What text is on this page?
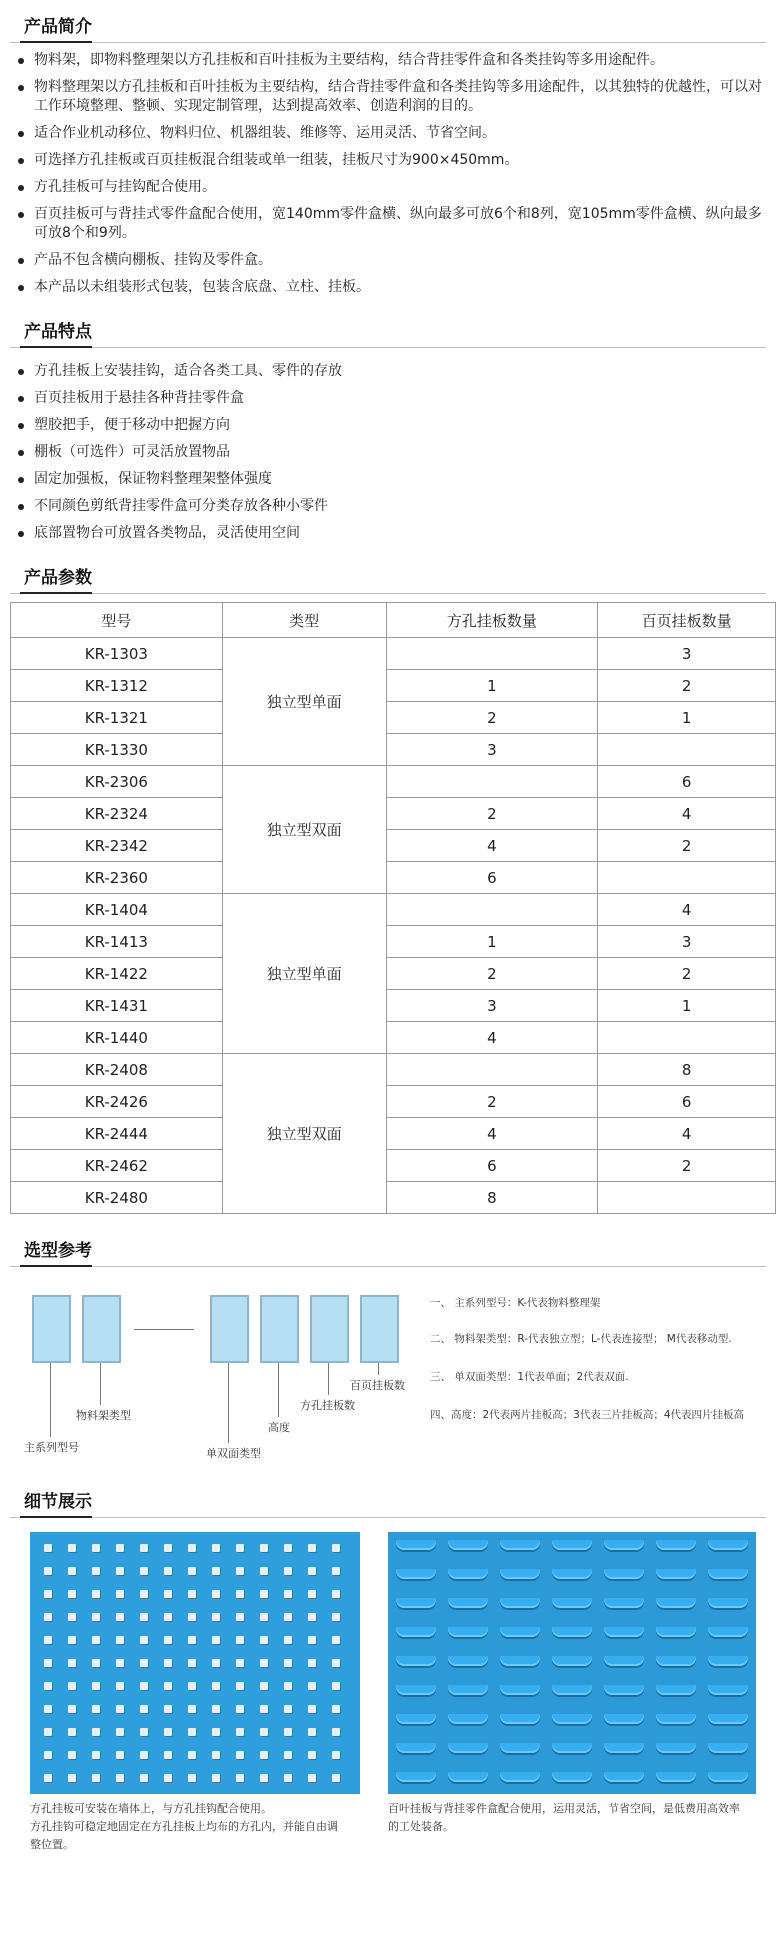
产品简介
物料架，即物料整理架以方孔挂板和百叶挂板为主要结构，结合背挂零件盒和各类挂钩等多用途配件。
物料整理架以方孔挂板和百叶挂板为主要结构，结合背挂零件盒和各类挂钩等多用途配件，以其独特的优越性，可以对工作环境整理、整顿、实现定制管理，达到提高效率、创造利润的目的。
适合作业机动移位、物料归位、机器组装、维修等、运用灵活、节省空间。
可选择方孔挂板或百页挂板混合组装或单一组装，挂板尺寸为900×450mm。
方孔挂板可与挂钩配合使用。
百页挂板可与背挂式零件盒配合使用，宽140mm零件盒横、纵向最多可放6个和8列，宽105mm零件盒横、纵向最多可放8个和9列。
产品不包含横向棚板、挂钩及零件盒。
本产品以未组装形式包装，包装含底盘、立柱、挂板。
产品特点
方孔挂板上安装挂钩，适合各类工具、零件的存放
百页挂板用于悬挂各种背挂零件盒
塑胶把手，便于移动中把握方向
棚板（可选件）可灵活放置物品
固定加强板，保证物料整理架整体强度
不同颜色剪纸背挂零件盒可分类存放各种小零件
底部置物台可放置各类物品，灵活使用空间
产品参数
型号	类型	方孔挂板数量	百页挂板数量
KR-1303	独立型单面		3
KR-1312		1	2
KR-1321		2	1
KR-1330		3	
KR-2306	独立型双面		6
KR-2324		2	4
KR-2342		4	2
KR-2360		6	
KR-1404	独立型单面		4
KR-1413		1	3
KR-1422		2	2
KR-1431		3	1
KR-1440		4	
KR-2408	独立型双面		8
KR-2426		2	6
KR-2444		4	4
KR-2462		6	2
KR-2480		8	
选型参考
主系列型号
物料架类型
单双面类型
高度
方孔挂板数
百页挂板数
一、 主系列型号：K-代表物料整理架
二、 物料架类型：R-代表独立型；L-代表连接型； M代表移动型.
三、 单双面类型：1代表单面；2代表双面.
四、高度：2代表两片挂板高；3代表三片挂板高；4代表四片挂板高
细节展示
方孔挂板可安装在墙体上，与方孔挂钩配合使用。
方孔挂钩可稳定地固定在方孔挂板上均布的方孔内，并能自由调
整位置。
百叶挂板与背挂零件盒配合使用，运用灵活，节省空间，是低费用高效率
的工处装备。
